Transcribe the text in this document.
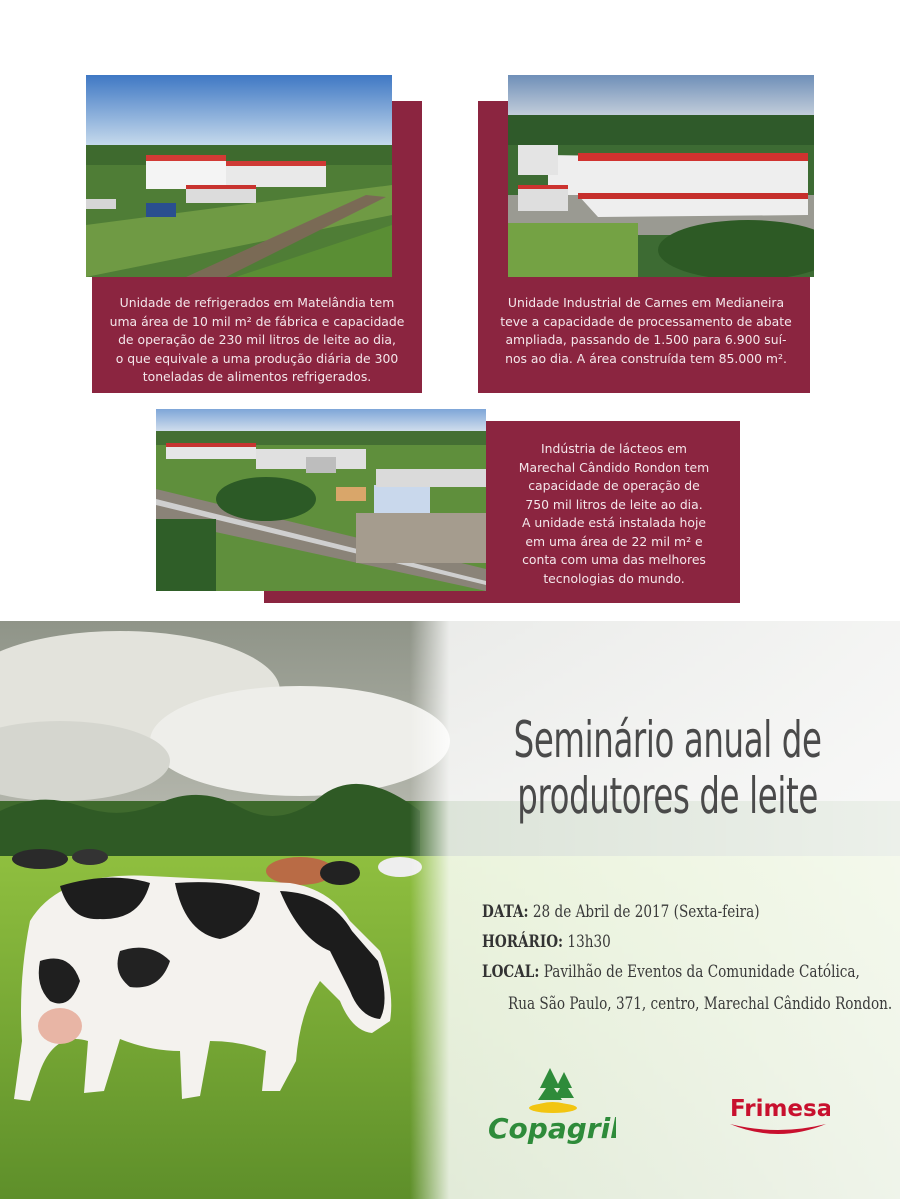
Unidade de refrigerados em Matelândia tem
uma área de 10 mil m² de fábrica e capacidade
de operação de 230 mil litros de leite ao dia,
o que equivale a uma produção diária de 300
toneladas de alimentos refrigerados.
Unidade Industrial de Carnes em Medianeira
teve a capacidade de processamento de abate
ampliada, passando de 1.500 para 6.900 suí-
nos ao dia. A área construída tem 85.000 m².
Indústria de lácteos em
Marechal Cândido Rondon tem
capacidade de operação de
750 mil litros de leite ao dia.
A unidade está instalada hoje
em uma área de 22 mil m² e
conta com uma das melhores
tecnologias do mundo.
Seminário anual de
produtores de leite
DATA: 28 de Abril de 2017 (Sexta-feira)
HORÁRIO: 13h30
LOCAL: Pavilhão de Eventos da Comunidade Católica,
Rua São Paulo, 371, centro, Marechal Cândido Rondon.
Copagril
Frimesa
